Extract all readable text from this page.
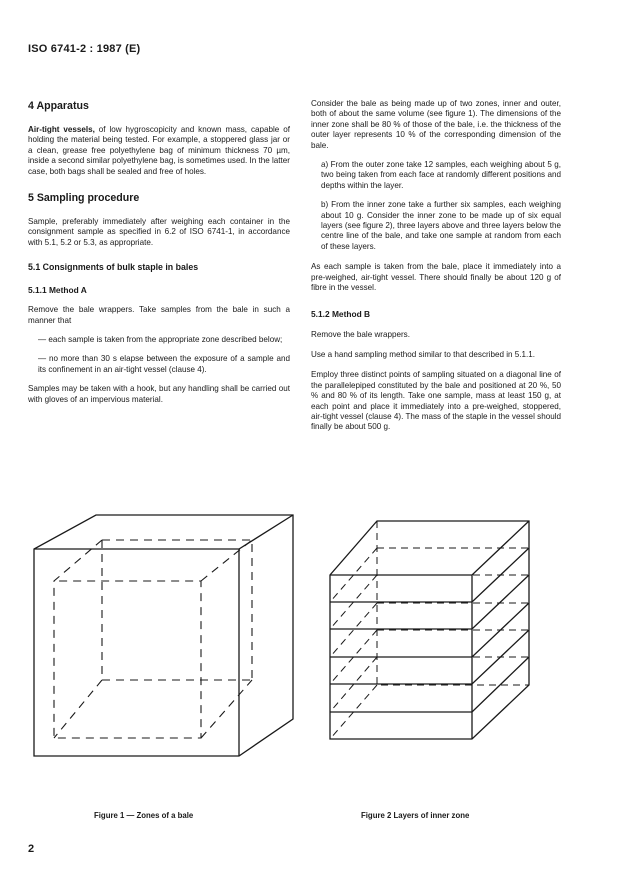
ISO 6741-2 : 1987 (E)
4 Apparatus

Air-tight vessels, of low hygroscopicity and known mass, capable of holding the material being tested. For example, a stoppered glass jar or a clean, grease free polyethylene bag of minimum thickness 70 µm, inside a second similar polyethylene bag, is sometimes used. In the latter case, both bags shall be sealed and free of holes.

5 Sampling procedure

Sample, preferably immediately after weighing each container in the consignment sample as specified in 6.2 of ISO 6741-1, in accordance with 5.1, 5.2 or 5.3, as appropriate.

5.1 Consignments of bulk staple in bales
5.1.1 Method A

Remove the bale wrappers. Take samples from the bale in such a manner that

— each sample is taken from the appropriate zone described below;

— no more than 30 s elapse between the exposure of a sample and its confinement in an air-tight vessel (clause 4).

Samples may be taken with a hook, but any handling shall be carried out with gloves of an impervious material.

Consider the bale as being made up of two zones, inner and outer, both of about the same volume (see figure 1). The dimensions of the inner zone shall be 80 % of those of the bale, i.e. the thickness of the outer layer represents 10 % of the corresponding dimension of the bale.

a) From the outer zone take 12 samples, each weighing about 5 g, two being taken from each face at randomly different positions and depths within the layer.

b) From the inner zone take a further six samples, each weighing about 10 g. Consider the inner zone to be made up of six equal layers (see figure 2), three layers above and three layers below the centre line of the bale, and take one sample at random from each of these layers.

As each sample is taken from the bale, place it immediately into a pre-weighed, air-tight vessel. There should finally be about 120 g of fibre in the vessel.

5.1.2 Method B

Remove the bale wrappers.

Use a hand sampling method similar to that described in 5.1.1.

Employ three distinct points of sampling situated on a diagonal line of the parallelepiped constituted by the bale and positioned at 20 %, 50 % and 80 % of its length. Take one sample, mass at least 150 g, at each point and place it immediately into a pre-weighed, stoppered, air-tight vessel (clause 4). The mass of the staple in the vessel should finally be about 500 g.

Figure 1 — Zones of a bale	Figure 2 Layers of inner zone
2
